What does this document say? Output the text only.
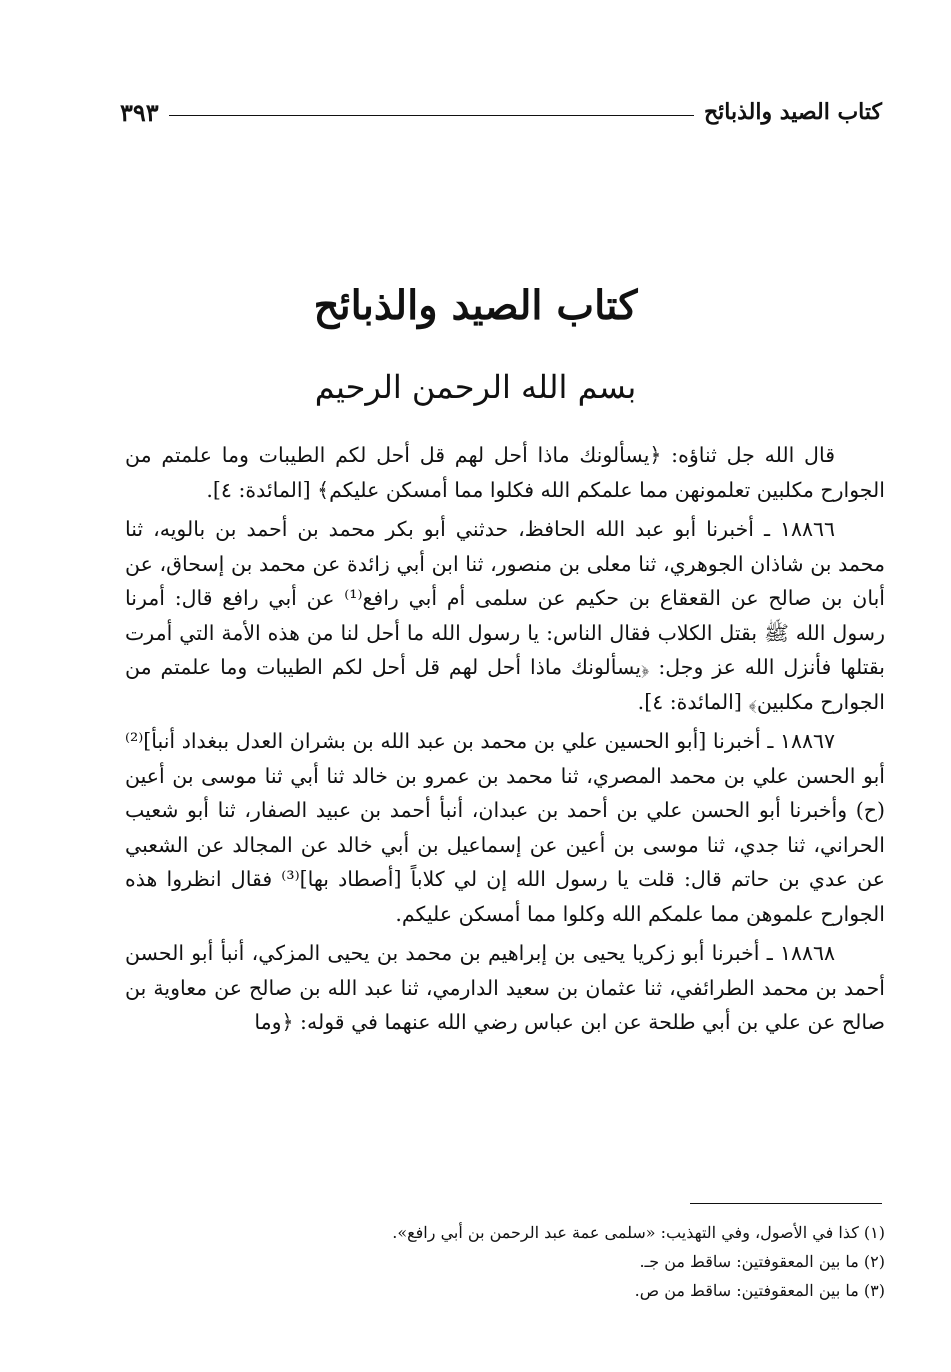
كتاب الصيد والذبائح
٣٩٣
كتاب الصيد والذبائح
بسم الله الرحمن الرحيم

قال الله جل ثناؤه: ﴿يسألونك ماذا أحل لهم قل أحل لكم الطيبات وما علمتم من الجوارح مكلبين تعلمونهن مما علمكم الله فكلوا مما أمسكن عليكم﴾ [المائدة: ٤].

١٨٨٦٦ ـ أخبرنا أبو عبد الله الحافظ، حدثني أبو بكر محمد بن أحمد بن بالويه، ثنا محمد بن شاذان الجوهري، ثنا معلى بن منصور، ثنا ابن أبي زائدة عن محمد بن إسحاق، عن أبان بن صالح عن القعقاع بن حكيم عن سلمى أم أبي رافع⁽¹⁾ عن أبي رافع قال: أمرنا رسول الله ﷺ بقتل الكلاب فقال الناس: يا رسول الله ما أحل لنا من هذه الأمة التي أمرت بقتلها فأنزل الله عز وجل: ﴿يسألونك ماذا أحل لهم قل أحل لكم الطيبات وما علمتم من الجوارح مكلبين﴾ [المائدة: ٤].

١٨٨٦٧ ـ أخبرنا [أبو الحسين علي بن محمد بن عبد الله بن بشران العدل ببغداد أنبأ]⁽²⁾ أبو الحسن علي بن محمد المصري، ثنا محمد بن عمرو بن خالد ثنا أبي ثنا موسى بن أعين (ح) وأخبرنا أبو الحسن علي بن أحمد بن عبدان، أنبأ أحمد بن عبيد الصفار، ثنا أبو شعيب الحراني، ثنا جدي، ثنا موسى بن أعين عن إسماعيل بن أبي خالد عن المجالد عن الشعبي عن عدي بن حاتم قال: قلت يا رسول الله إن لي كلاباً [أصطاد بها]⁽³⁾ فقال انظروا هذه الجوارح علموهن مما علمكم الله وكلوا مما أمسكن عليكم.

١٨٨٦٨ ـ أخبرنا أبو زكريا يحيى بن إبراهيم بن محمد بن يحيى المزكي، أنبأ أبو الحسن أحمد بن محمد الطرائفي، ثنا عثمان بن سعيد الدارمي، ثنا عبد الله بن صالح عن معاوية بن صالح عن علي بن أبي طلحة عن ابن عباس رضي الله عنهما في قوله: ﴿وما

(١) كذا في الأصول، وفي التهذيب: «سلمى عمة عبد الرحمن بن أبي رافع».
(٢) ما بين المعقوفتين: ساقط من جـ.
(٣) ما بين المعقوفتين: ساقط من ص.
